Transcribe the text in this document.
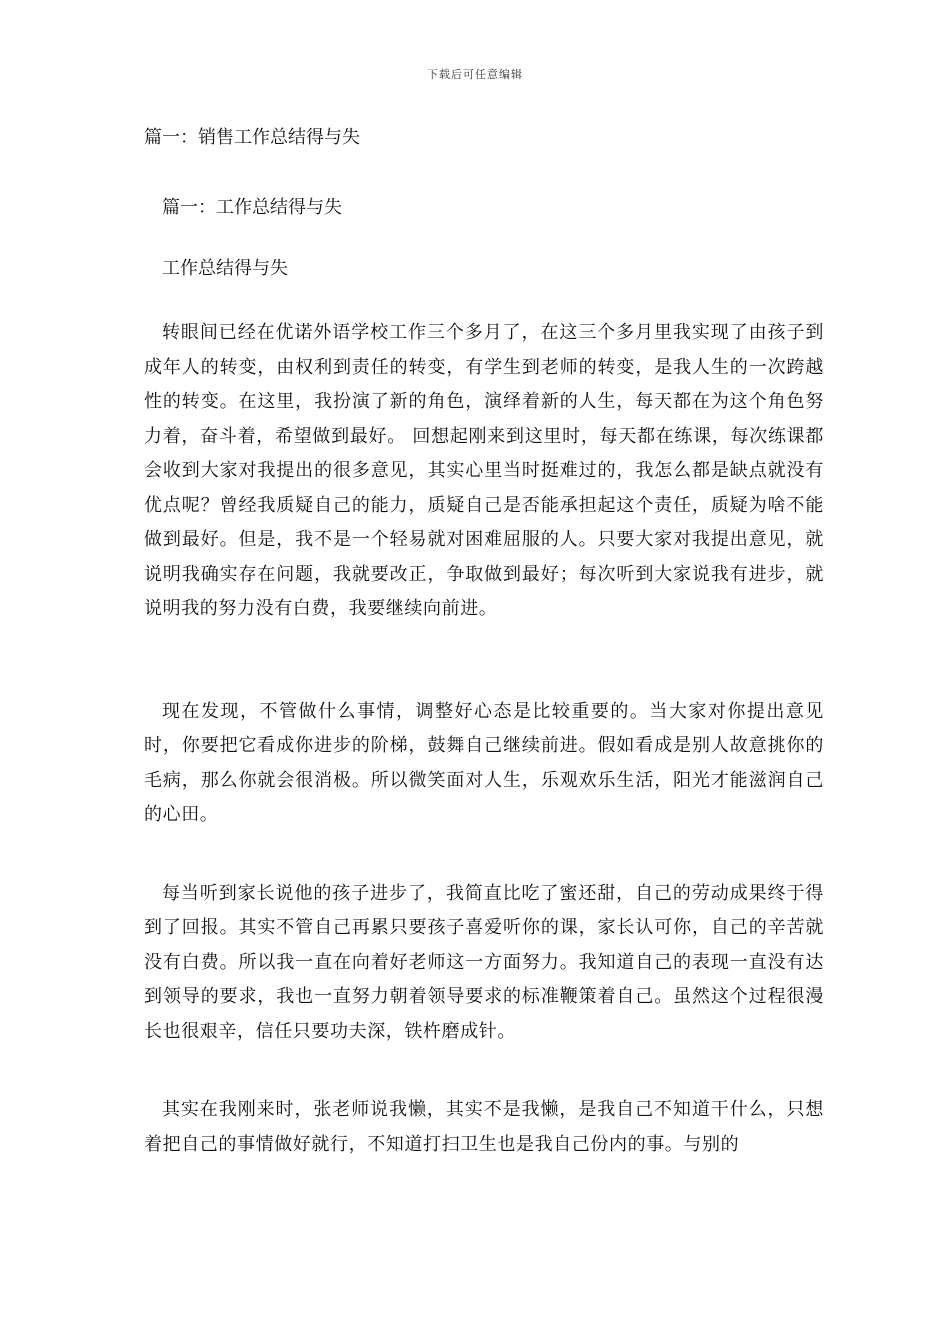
下载后可任意编辑
篇一：销售工作总结得与失
篇一：工作总结得与失
工作总结得与失

转眼间已经在优诺外语学校工作三个多月了，在这三个多月里我实现了由孩子到成年人的转变，由权利到责任的转变，有学生到老师的转变，是我人生的一次跨越性的转变。在这里，我扮演了新的角色，演绎着新的人生，每天都在为这个角色努力着，奋斗着，希望做到最好。 回想起刚来到这里时，每天都在练课，每次练课都会收到大家对我提出的很多意见，其实心里当时挺难过的，我怎么都是缺点就没有优点呢？曾经我质疑自己的能力，质疑自己是否能承担起这个责任，质疑为啥不能做到最好。但是，我不是一个轻易就对困难屈服的人。只要大家对我提出意见，就说明我确实存在问题，我就要改正，争取做到最好；每次听到大家说我有进步，就说明我的努力没有白费，我要继续向前进。

现在发现，不管做什么事情，调整好心态是比较重要的。当大家对你提出意见时，你要把它看成你进步的阶梯，鼓舞自己继续前进。假如看成是别人故意挑你的毛病，那么你就会很消极。所以微笑面对人生，乐观欢乐生活，阳光才能滋润自己的心田。

每当听到家长说他的孩子进步了，我简直比吃了蜜还甜，自己的劳动成果终于得到了回报。其实不管自己再累只要孩子喜爱听你的课，家长认可你，自己的辛苦就没有白费。所以我一直在向着好老师这一方面努力。我知道自己的表现一直没有达到领导的要求，我也一直努力朝着领导要求的标准鞭策着自己。虽然这个过程很漫长也很艰辛，信任只要功夫深，铁杵磨成针。

其实在我刚来时，张老师说我懒，其实不是我懒，是我自己不知道干什么，只想着把自己的事情做好就行，不知道打扫卫生也是我自己份内的事。与别的
